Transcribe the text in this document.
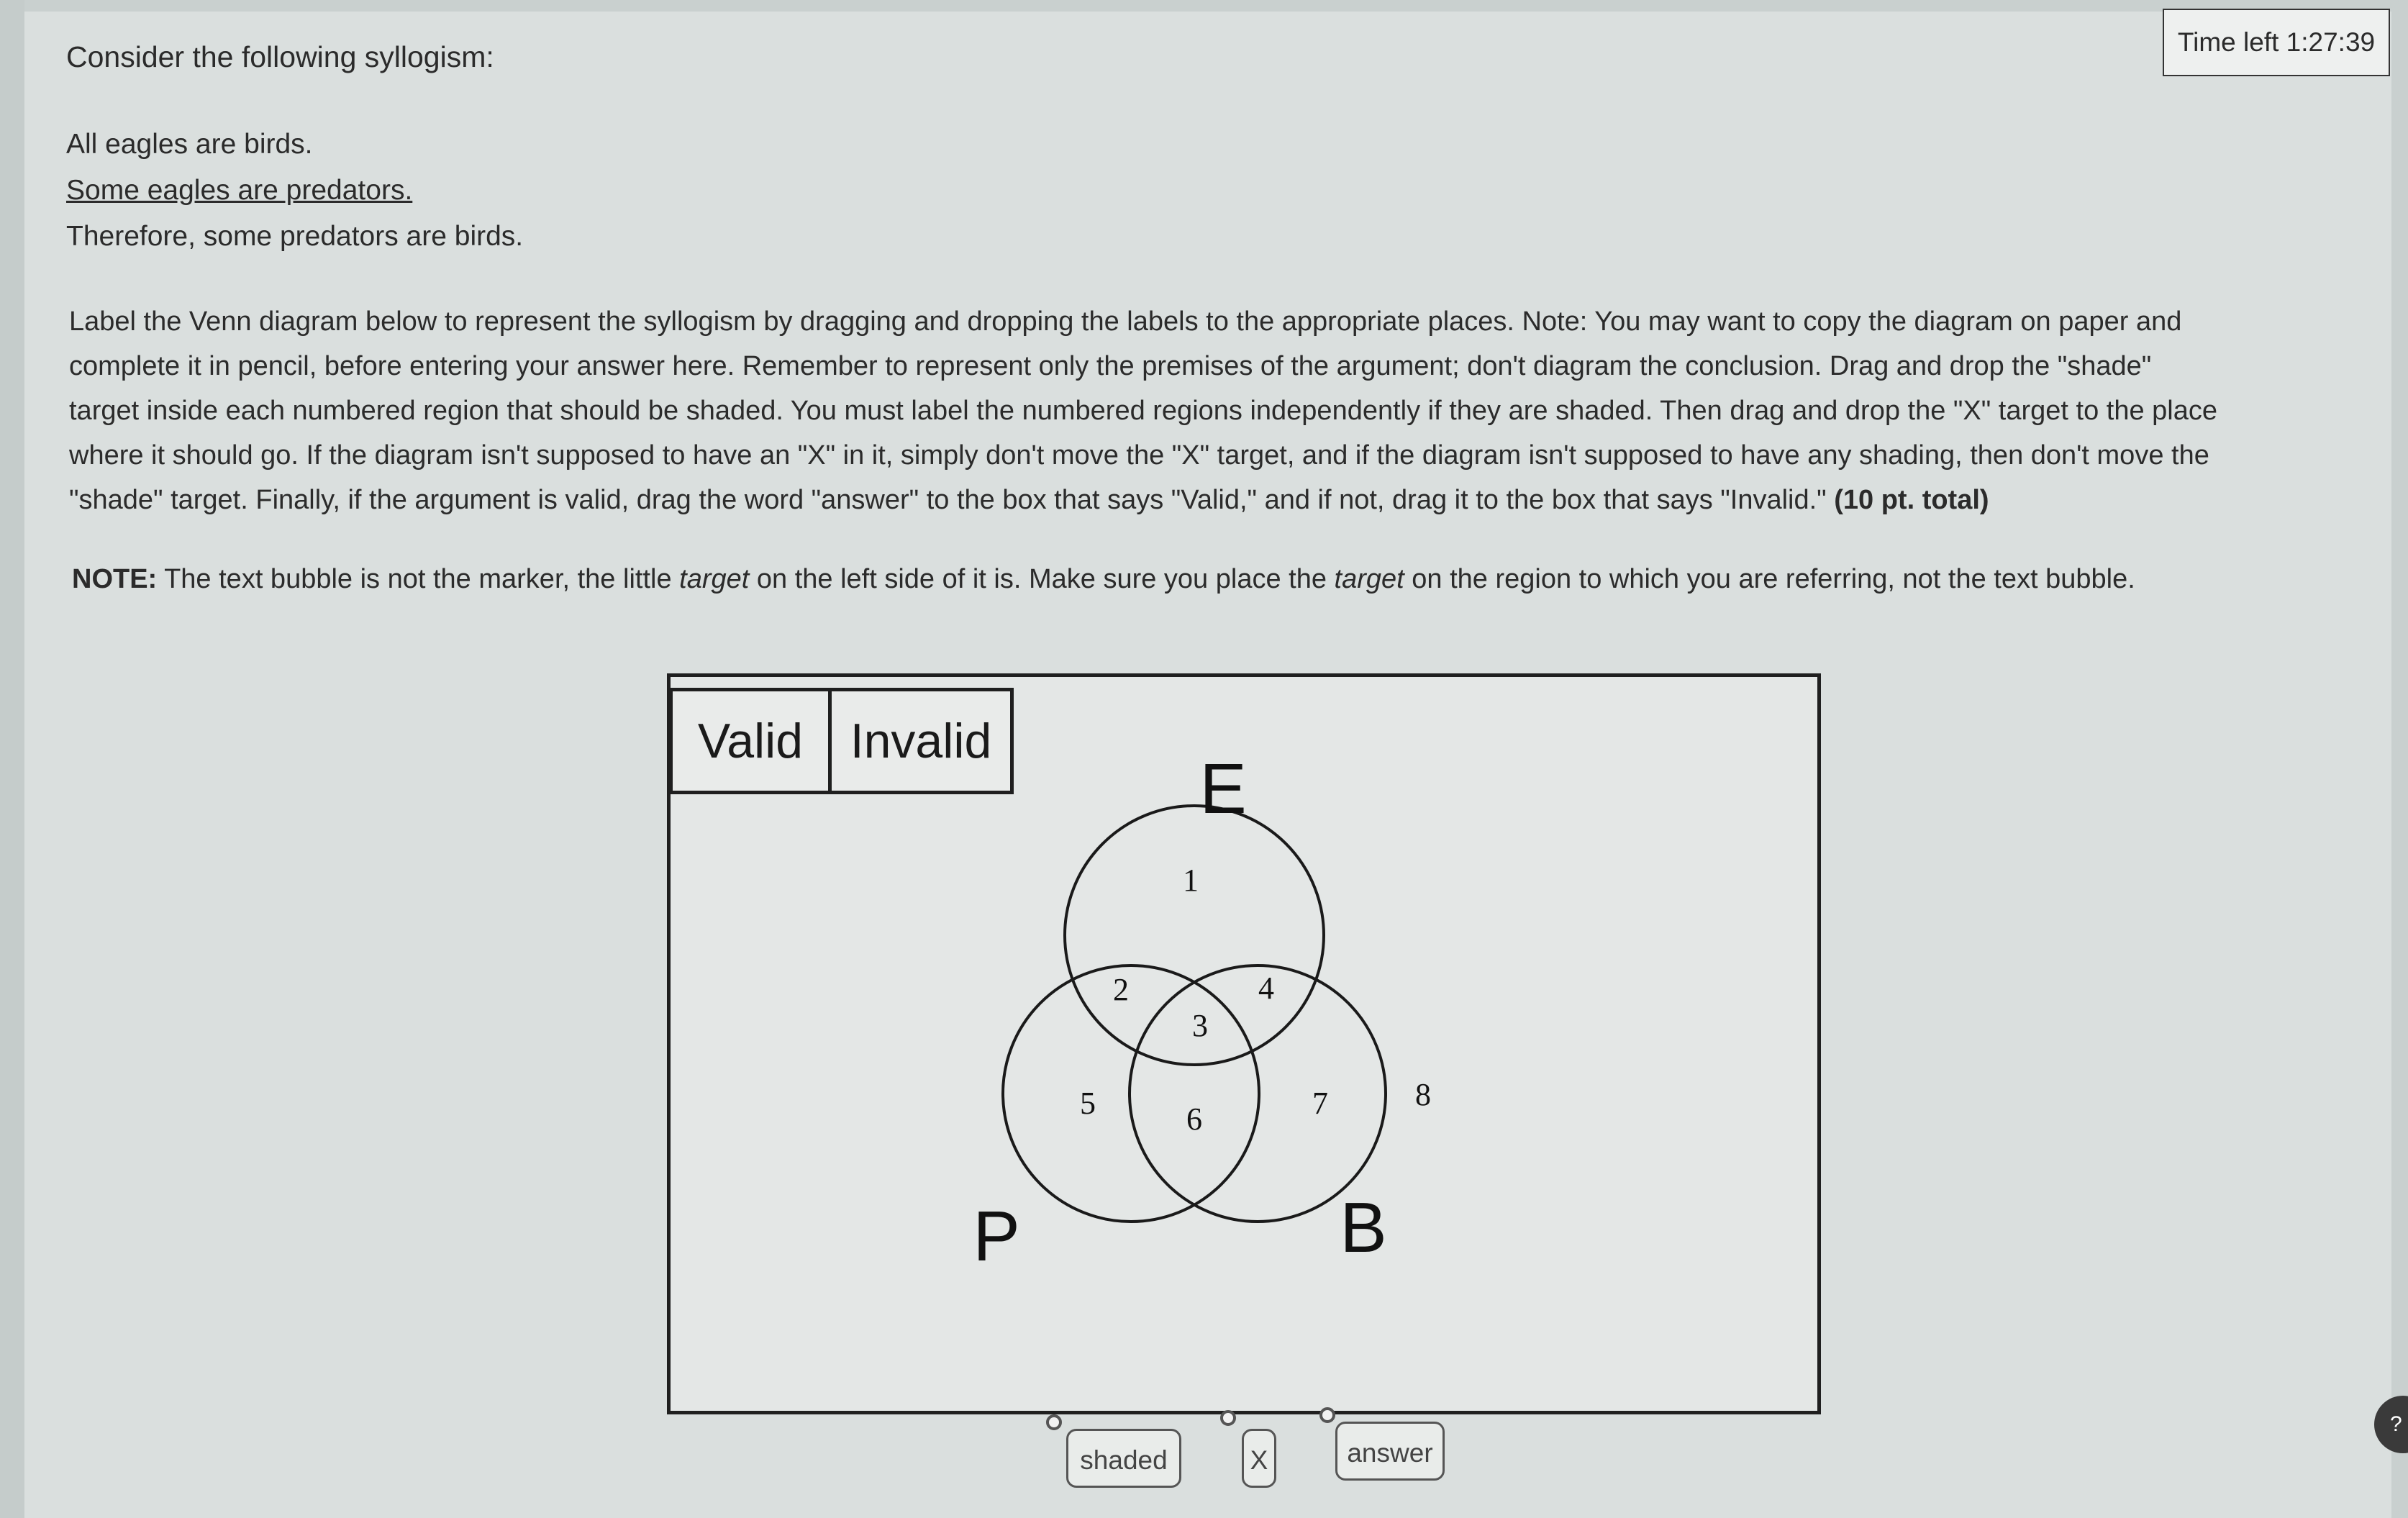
Time left 1:27:39
Consider the following syllogism:
All eagles are birds.
Some eagles are predators.
Therefore, some predators are birds.
Label the Venn diagram below to represent the syllogism by dragging and dropping the labels to the appropriate places. Note: You may want to copy the diagram on paper and
complete it in pencil, before entering your answer here. Remember to represent only the premises of the argument; don't diagram the conclusion. Drag and drop the "shade"
target inside each numbered region that should be shaded. You must label the numbered regions independently if they are shaded. Then drag and drop the "X" target to the place
where it should go. If the diagram isn't supposed to have an "X" in it, simply don't move the "X" target, and if the diagram isn't supposed to have any shading, then don't move the
"shade" target. Finally, if the argument is valid, drag the word "answer" to the box that says "Valid," and if not, drag it to the box that says "Invalid." (10 pt. total)
NOTE: The text bubble is not the marker, the little target on the left side of it is. Make sure you place the target on the region to which you are referring, not the text bubble.
Valid Invalid
E
P	B
1
2
3
4
5	6	7	8
shaded	X	answer
?
